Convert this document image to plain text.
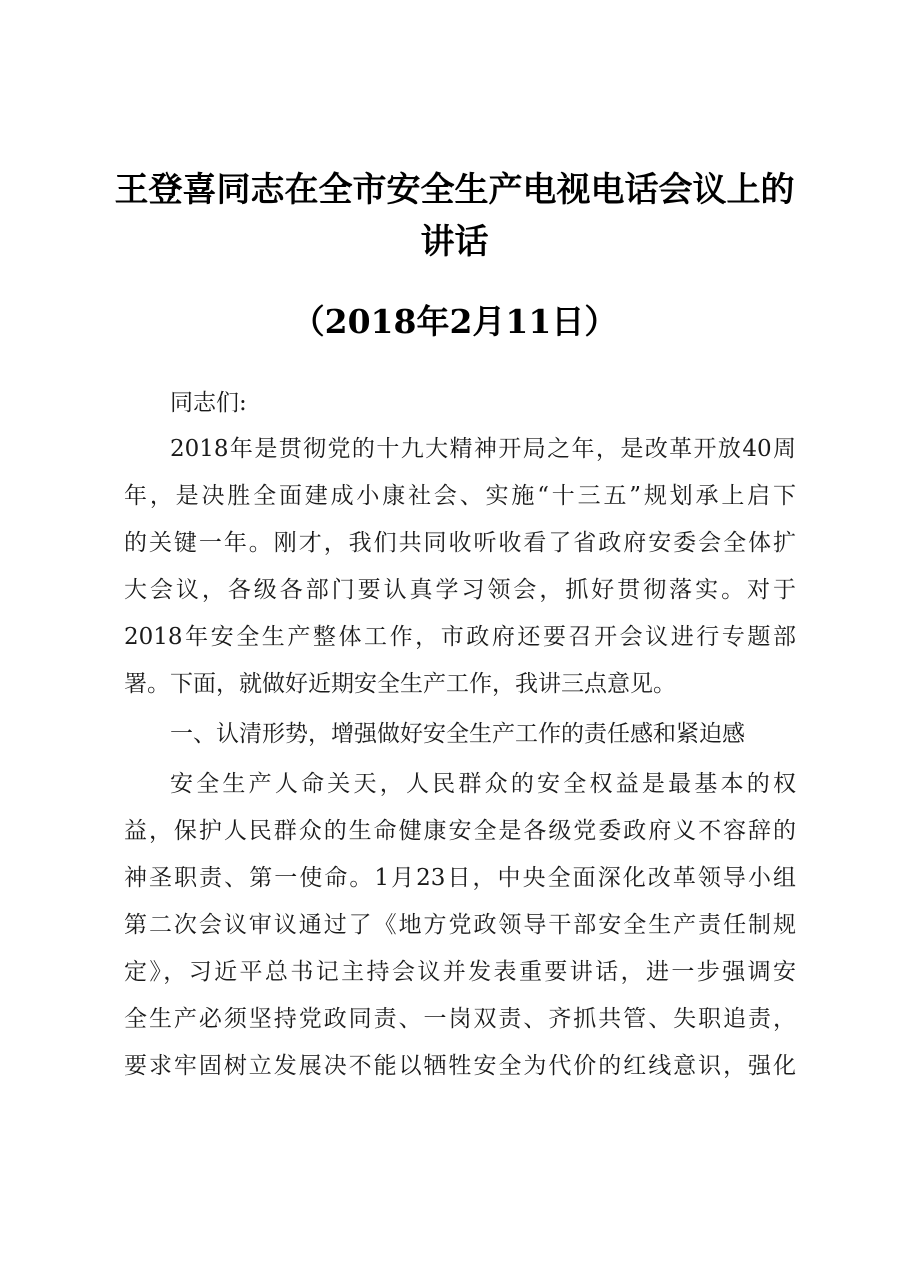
王登喜同志在全市安全生产电视电话会议上的
讲话
（2018年2月11日）
同志们:
2018年是贯彻党的十九大精神开局之年，是改革开放40周
年，是决胜全面建成小康社会、实施“十三五”规划承上启下
的关键一年。刚才，我们共同收听收看了省政府安委会全体扩
大会议，各级各部门要认真学习领会，抓好贯彻落实。对于
2018年安全生产整体工作，市政府还要召开会议进行专题部
署。下面，就做好近期安全生产工作，我讲三点意见。
一、认清形势，增强做好安全生产工作的责任感和紧迫感
安全生产人命关天，人民群众的安全权益是最基本的权
益，保护人民群众的生命健康安全是各级党委政府义不容辞的
神圣职责、第一使命。1月23日，中央全面深化改革领导小组
第二次会议审议通过了《地方党政领导干部安全生产责任制规
定》，习近平总书记主持会议并发表重要讲话，进一步强调安
全生产必须坚持党政同责、一岗双责、齐抓共管、失职追责，
要求牢固树立发展决不能以牺牲安全为代价的红线意识，强化
